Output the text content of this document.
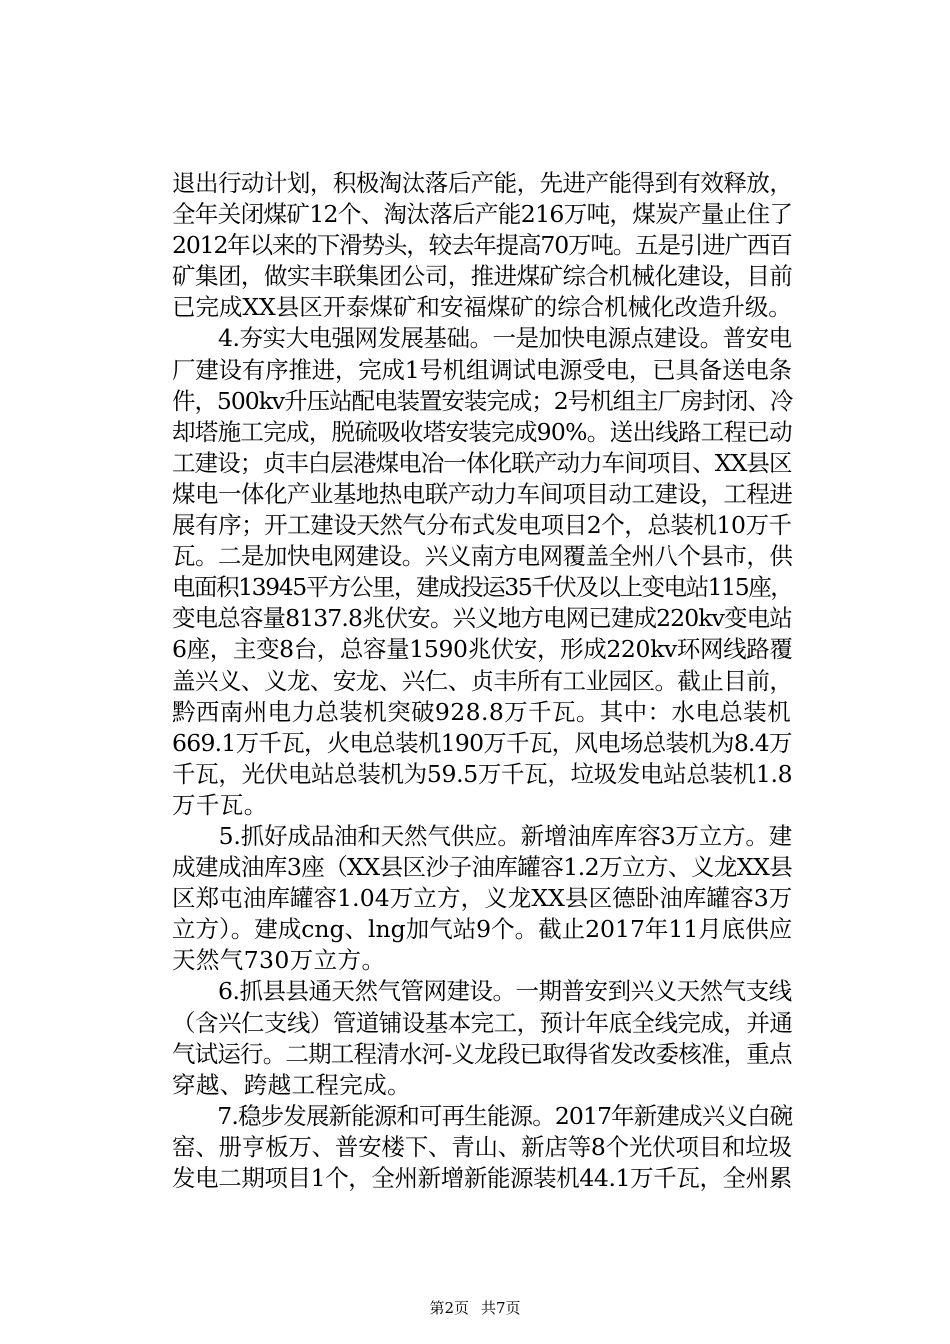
退出行动计划，积极淘汰落后产能，先进产能得到有效释放，
全年关闭煤矿12个、淘汰落后产能216万吨，煤炭产量止住了
2012年以来的下滑势头，较去年提高70万吨。五是引进广西百
矿集团，做实丰联集团公司，推进煤矿综合机械化建设，目前
已完成XX县区开泰煤矿和安福煤矿的综合机械化改造升级。
　　4.夯实大电强网发展基础。一是加快电源点建设。普安电
厂建设有序推进，完成1号机组调试电源受电，已具备送电条
件，500kv升压站配电装置安装完成；2号机组主厂房封闭、冷
却塔施工完成，脱硫吸收塔安装完成90%。送出线路工程已动
工建设；贞丰白层港煤电冶一体化联产动力车间项目、XX县区
煤电一体化产业基地热电联产动力车间项目动工建设，工程进
展有序；开工建设天然气分布式发电项目2个，总装机10万千
瓦。二是加快电网建设。兴义南方电网覆盖全州八个县市，供
电面积13945平方公里，建成投运35千伏及以上变电站115座，
变电总容量8137.8兆伏安。兴义地方电网已建成220kv变电站
6座，主变8台，总容量1590兆伏安，形成220kv环网线路覆
盖兴义、义龙、安龙、兴仁、贞丰所有工业园区。截止目前，
黔西南州电力总装机突破928.8万千瓦。其中：水电总装机
669.1万千瓦，火电总装机190万千瓦，风电场总装机为8.4万
千瓦，光伏电站总装机为59.5万千瓦，垃圾发电站总装机1.8
万千瓦。
　　5.抓好成品油和天然气供应。新增油库库容3万立方。建
成建成油库3座（XX县区沙子油库罐容1.2万立方、义龙XX县
区郑屯油库罐容1.04万立方，义龙XX县区德卧油库罐容3万
立方）。建成cng、lng加气站9个。截止2017年11月底供应
天然气730万立方。
　　6.抓县县通天然气管网建设。一期普安到兴义天然气支线
（含兴仁支线）管道铺设基本完工，预计年底全线完成，并通
气试运行。二期工程清水河-义龙段已取得省发改委核准，重点
穿越、跨越工程完成。
　　7.稳步发展新能源和可再生能源。2017年新建成兴义白碗
窑、册亨板万、普安楼下、青山、新店等8个光伏项目和垃圾
发电二期项目1个，全州新增新能源装机44.1万千瓦，全州累
第2页 共7页
